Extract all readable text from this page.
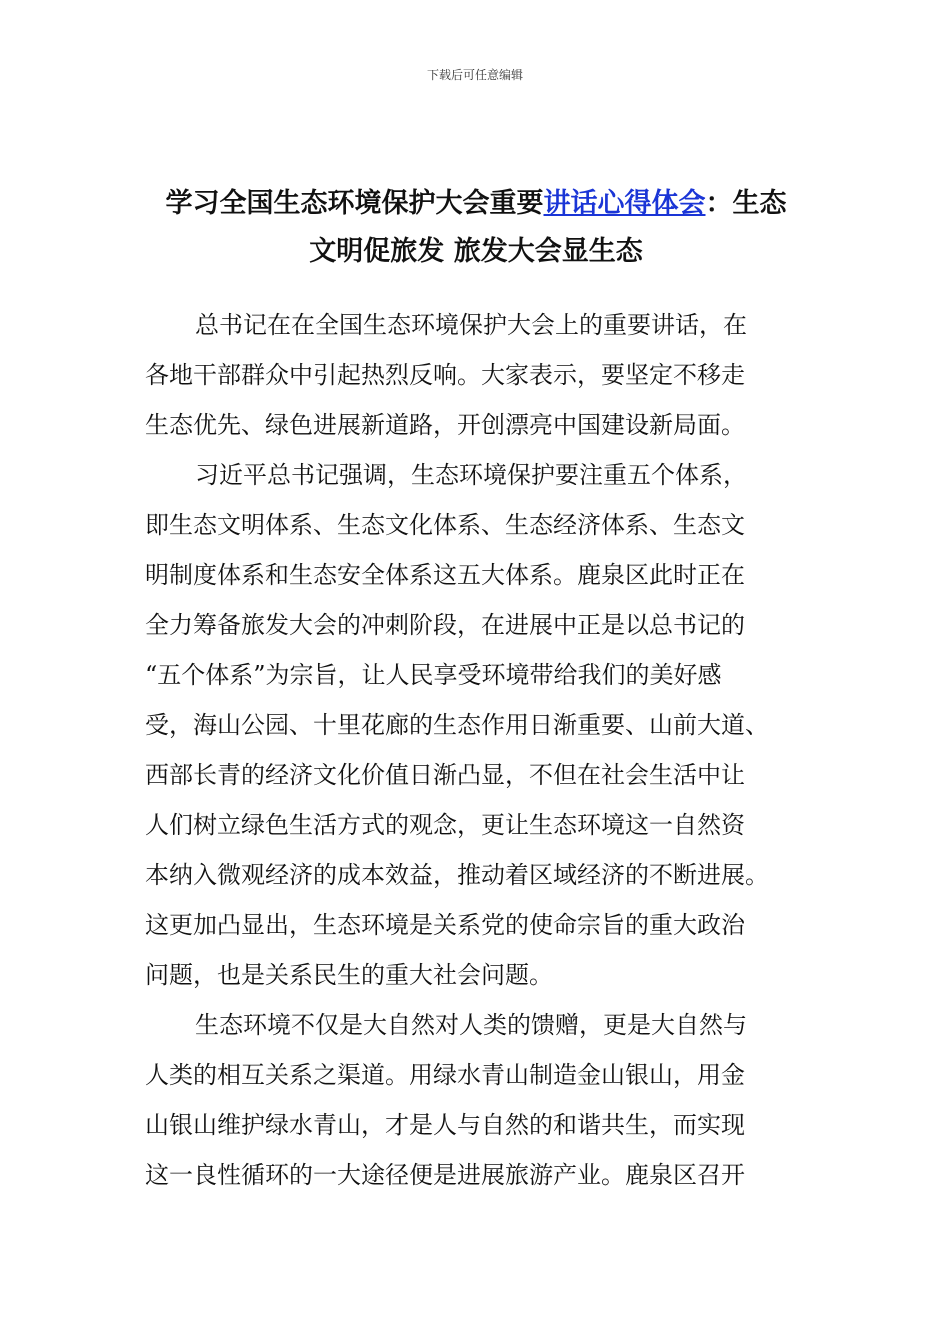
下载后可任意编辑
学习全国生态环境保护大会重要讲话心得体会：生态
文明促旅发 旅发大会显生态
总书记在在全国生态环境保护大会上的重要讲话，在
各地干部群众中引起热烈反响。大家表示，要坚定不移走
生态优先、绿色进展新道路，开创漂亮中国建设新局面。
习近平总书记强调，生态环境保护要注重五个体系，
即生态文明体系、生态文化体系、生态经济体系、生态文
明制度体系和生态安全体系这五大体系。鹿泉区此时正在
全力筹备旅发大会的冲刺阶段，在进展中正是以总书记的
“五个体系”为宗旨，让人民享受环境带给我们的美好感
受，海山公园、十里花廊的生态作用日渐重要、山前大道、
西部长青的经济文化价值日渐凸显，不但在社会生活中让
人们树立绿色生活方式的观念，更让生态环境这一自然资
本纳入微观经济的成本效益，推动着区域经济的不断进展。
这更加凸显出，生态环境是关系党的使命宗旨的重大政治
问题，也是关系民生的重大社会问题。
生态环境不仅是大自然对人类的馈赠，更是大自然与
人类的相互关系之渠道。用绿水青山制造金山银山，用金
山银山维护绿水青山，才是人与自然的和谐共生，而实现
这一良性循环的一大途径便是进展旅游产业。鹿泉区召开
